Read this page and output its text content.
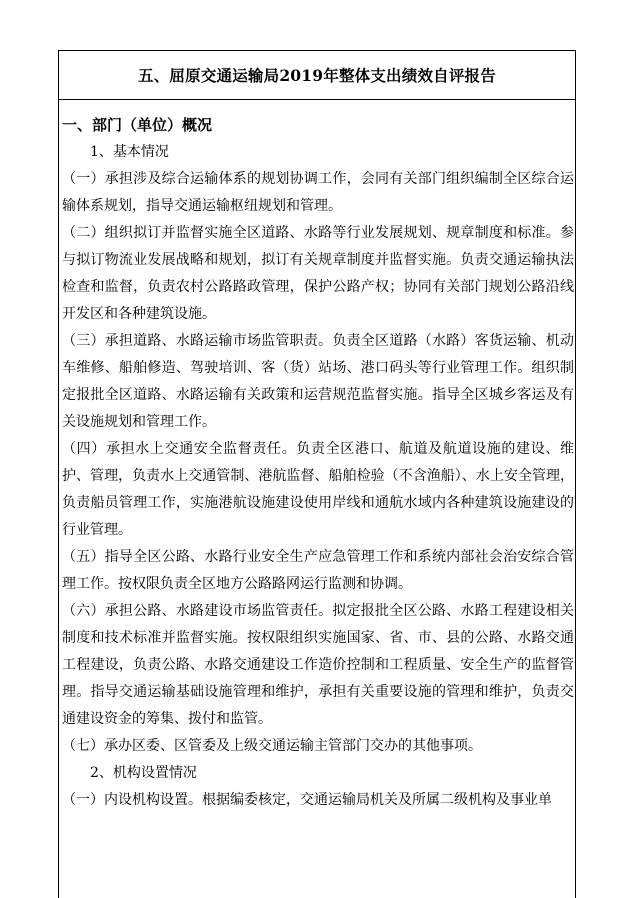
五、屈原交通运输局2019年整体支出绩效自评报告

一、部门（单位）概况

1、基本情况

（一）承担涉及综合运输体系的规划协调工作，会同有关部门组织编制全区综合运输体系规划，指导交通运输枢纽规划和管理。

（二）组织拟订并监督实施全区道路、水路等行业发展规划、规章制度和标准。参与拟订物流业发展战略和规划，拟订有关规章制度并监督实施。负责交通运输执法检查和监督，负责农村公路路政管理，保护公路产权；协同有关部门规划公路沿线开发区和各种建筑设施。

（三）承担道路、水路运输市场监管职责。负责全区道路（水路）客货运输、机动车维修、船舶修造、驾驶培训、客（货）站场、港口码头等行业管理工作。组织制定报批全区道路、水路运输有关政策和运营规范监督实施。指导全区城乡客运及有关设施规划和管理工作。

（四）承担水上交通安全监督责任。负责全区港口、航道及航道设施的建设、维护、管理，负责水上交通管制、港航监督、船舶检验（不含渔船）、水上安全管理，负责船员管理工作，实施港航设施建设使用岸线和通航水域内各种建筑设施建设的行业管理。

（五）指导全区公路、水路行业安全生产应急管理工作和系统内部社会治安综合管理工作。按权限负责全区地方公路路网运行监测和协调。

（六）承担公路、水路建设市场监管责任。拟定报批全区公路、水路工程建设相关制度和技术标准并监督实施。按权限组织实施国家、省、市、县的公路、水路交通工程建设，负责公路、水路交通建设工作造价控制和工程质量、安全生产的监督管理。指导交通运输基础设施管理和维护，承担有关重要设施的管理和维护，负责交通建设资金的筹集、拨付和监管。

（七）承办区委、区管委及上级交通运输主管部门交办的其他事项。

2、机构设置情况

（一）内设机构设置。根据编委核定，交通运输局机关及所属二级机构及事业单
